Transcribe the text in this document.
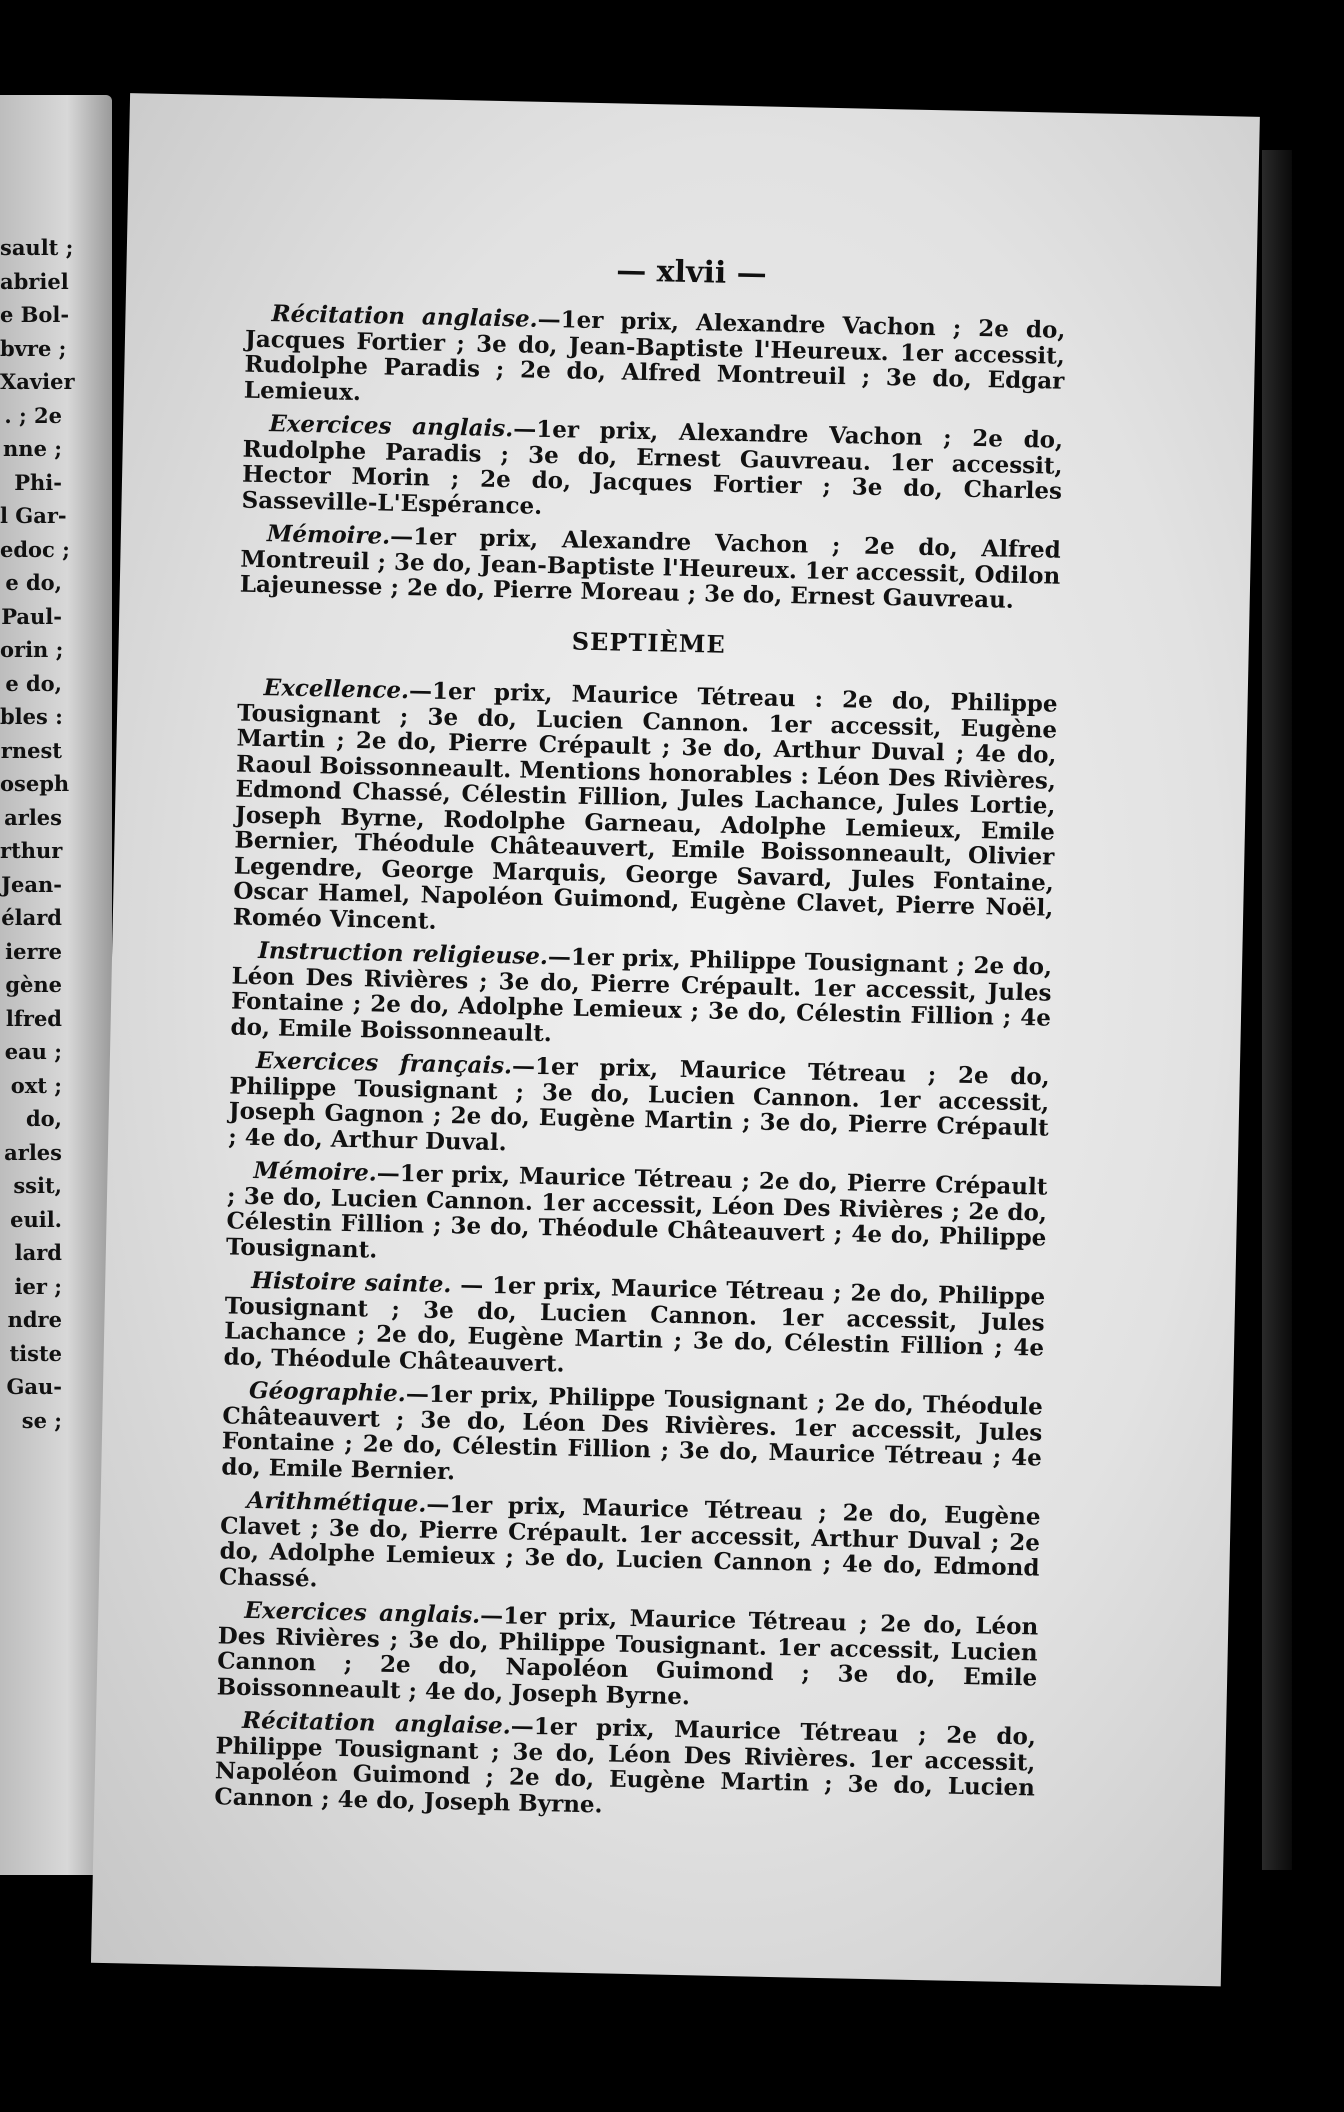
sault ;
abriel
e Bol-
bvre ;
Xavier
. ; 2e
nne ;
Phi-
l Gar-
edoc ;
e do,
Paul-
orin ;
e do,
bles :
rnest
oseph
arles
rthur
Jean-
élard
ierre
gène
lfred
eau ;
oxt ;
do,
arles
ssit,
euil.
lard
ier ;
ndre
tiste
Gau-
se ;
— xlvii —

Récitation anglaise.—1er prix, Alexandre Vachon ; 2e do, Jacques Fortier ; 3e do, Jean-Baptiste l'Heureux. 1er accessit, Rudolphe Paradis ; 2e do, Alfred Montreuil ; 3e do, Edgar Lemieux.

Exercices anglais.—1er prix, Alexandre Vachon ; 2e do, Rudolphe Paradis ; 3e do, Ernest Gauvreau. 1er accessit, Hector Morin ; 2e do, Jacques Fortier ; 3e do, Charles Sasseville-L'Espérance.

Mémoire.—1er prix, Alexandre Vachon ; 2e do, Alfred Montreuil ; 3e do, Jean-Baptiste l'Heureux. 1er accessit, Odilon Lajeunesse ; 2e do, Pierre Moreau ; 3e do, Ernest Gauvreau.

SEPTIÈME

Excellence.—1er prix, Maurice Tétreau : 2e do, Philippe Tousignant ; 3e do, Lucien Cannon. 1er accessit, Eugène Martin ; 2e do, Pierre Crépault ; 3e do, Arthur Duval ; 4e do, Raoul Boissonneault. Mentions honorables : Léon Des Rivières, Edmond Chassé, Célestin Fillion, Jules Lachance, Jules Lortie, Joseph Byrne, Rodolphe Garneau, Adolphe Lemieux, Emile Bernier, Théodule Châteauvert, Emile Boissonneault, Olivier Legendre, George Marquis, George Savard, Jules Fontaine, Oscar Hamel, Napoléon Guimond, Eugène Clavet, Pierre Noël, Roméo Vincent.

Instruction religieuse.—1er prix, Philippe Tousignant ; 2e do, Léon Des Rivières ; 3e do, Pierre Crépault. 1er accessit, Jules Fontaine ; 2e do, Adolphe Lemieux ; 3e do, Célestin Fillion ; 4e do, Emile Boissonneault.

Exercices français.—1er prix, Maurice Tétreau ; 2e do, Philippe Tousignant ; 3e do, Lucien Cannon. 1er accessit, Joseph Gagnon ; 2e do, Eugène Martin ; 3e do, Pierre Crépault ; 4e do, Arthur Duval.

Mémoire.—1er prix, Maurice Tétreau ; 2e do, Pierre Crépault ; 3e do, Lucien Cannon. 1er accessit, Léon Des Rivières ; 2e do, Célestin Fillion ; 3e do, Théodule Châteauvert ; 4e do, Philippe Tousignant.

Histoire sainte. — 1er prix, Maurice Tétreau ; 2e do, Philippe Tousignant ; 3e do, Lucien Cannon. 1er accessit, Jules Lachance ; 2e do, Eugène Martin ; 3e do, Célestin Fillion ; 4e do, Théodule Châteauvert.

Géographie.—1er prix, Philippe Tousignant ; 2e do, Théodule Châteauvert ; 3e do, Léon Des Rivières. 1er accessit, Jules Fontaine ; 2e do, Célestin Fillion ; 3e do, Maurice Tétreau ; 4e do, Emile Bernier.

Arithmétique.—1er prix, Maurice Tétreau ; 2e do, Eugène Clavet ; 3e do, Pierre Crépault. 1er accessit, Arthur Duval ; 2e do, Adolphe Lemieux ; 3e do, Lucien Cannon ; 4e do, Edmond Chassé.

Exercices anglais.—1er prix, Maurice Tétreau ; 2e do, Léon Des Rivières ; 3e do, Philippe Tousignant. 1er accessit, Lucien Cannon ; 2e do, Napoléon Guimond ; 3e do, Emile Boissonneault ; 4e do, Joseph Byrne.

Récitation anglaise.—1er prix, Maurice Tétreau ; 2e do, Philippe Tousignant ; 3e do, Léon Des Rivières. 1er accessit, Napoléon Guimond ; 2e do, Eugène Martin ; 3e do, Lucien Cannon ; 4e do, Joseph Byrne.
